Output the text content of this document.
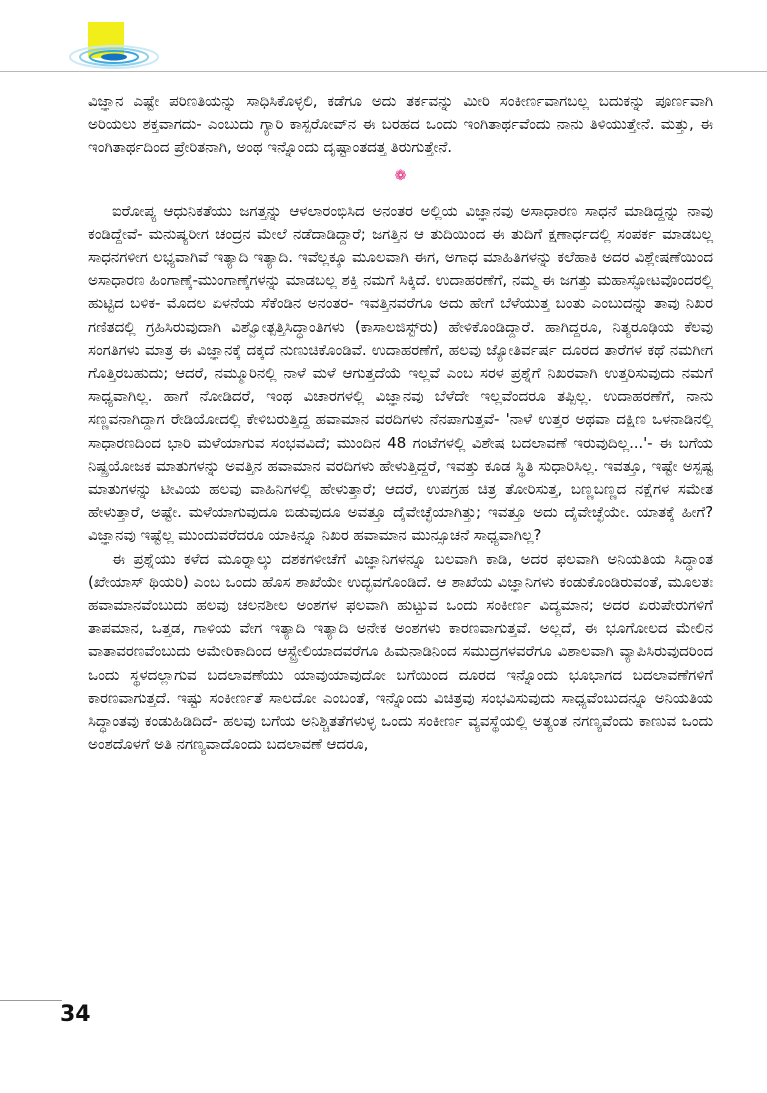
ವಿಜ್ಞಾನ ಎಷ್ಟೇ ಪರಿಣತಿಯನ್ನು ಸಾಧಿಸಿಕೊಳ್ಳಲಿ, ಕಡೆಗೂ ಅದು ತರ್ಕವನ್ನು ಮೀರಿ ಸಂಕೀರ್ಣವಾಗಬಲ್ಲ ಬದುಕನ್ನು ಪೂರ್ಣವಾಗಿ ಅರಿಯಲು ಶಕ್ತವಾಗದು- ಎಂಬುದು ಗ್ಯಾರಿ ಕಾಸ್ಪರೋವ್‌ನ ಈ ಬರಹದ ಒಂದು ಇಂಗಿತಾರ್ಥವೆಂದು ನಾನು ತಿಳಿಯುತ್ತೇನೆ. ಮತ್ತು, ಈ ಇಂಗಿತಾರ್ಥದಿಂದ ಪ್ರೇರಿತನಾಗಿ, ಅಂಥ ಇನ್ನೊಂದು ದೃಷ್ಟಾಂತದತ್ತ ತಿರುಗುತ್ತೇನೆ.

❁

ಐರೋಪ್ಯ ಆಧುನಿಕತೆಯು ಜಗತ್ತನ್ನು ಆಳಲಾರಂಭಿಸಿದ ಅನಂತರ ಅಲ್ಲಿಯ ವಿಜ್ಞಾನವು ಅಸಾಧಾರಣ ಸಾಧನೆ ಮಾಡಿದ್ದನ್ನು ನಾವು ಕಂಡಿದ್ದೇವೆ- ಮನುಷ್ಯರೀಗ ಚಂದ್ರನ ಮೇಲೆ ನಡೆದಾಡಿದ್ದಾರೆ; ಜಗತ್ತಿನ ಆ ತುದಿಯಿಂದ ಈ ತುದಿಗೆ ಕ್ಷಣಾರ್ಧದಲ್ಲಿ ಸಂಪರ್ಕ ಮಾಡಬಲ್ಲ ಸಾಧನಗಳೀಗ ಲಭ್ಯವಾಗಿವೆ ಇತ್ಯಾದಿ ಇತ್ಯಾದಿ. ಇವೆಲ್ಲಕ್ಕೂ ಮೂಲವಾಗಿ ಈಗ, ಅಗಾಧ ಮಾಹಿತಿಗಳನ್ನು ಕಲೆಹಾಕಿ ಅದರ ವಿಶ್ಲೇಷಣೆಯಿಂದ ಅಸಾಧಾರಣ ಹಿಂಗಾಣ್ಕೆ-ಮುಂಗಾಣ್ಕೆಗಳನ್ನು ಮಾಡಬಲ್ಲ ಶಕ್ತಿ ನಮಗೆ ಸಿಕ್ಕಿದೆ. ಉದಾಹರಣೆಗೆ, ನಮ್ಮ ಈ ಜಗತ್ತು ಮಹಾಸ್ಫೋಟವೊಂದರಲ್ಲಿ ಹುಟ್ಟಿದ ಬಳಿಕ- ಮೊದಲ ಏಳನೆಯ ಸೆಕೆಂಡಿನ ಅನಂತರ- ಇವತ್ತಿನವರೆಗೂ ಅದು ಹೇಗೆ ಬೆಳೆಯುತ್ತ ಬಂತು ಎಂಬುದನ್ನು ತಾವು ನಿಖರ ಗಣಿತದಲ್ಲಿ ಗ್ರಹಿಸಿರುವುದಾಗಿ ವಿಶ್ವೋತ್ಪತ್ತಿಸಿದ್ಧಾಂತಿಗಳು (ಕಾಸಾಲಜಿಸ್ಟ್‌ರು) ಹೇಳಿಕೊಂಡಿದ್ದಾರೆ. ಹಾಗಿದ್ದರೂ, ನಿತ್ಯರೂಢಿಯ ಕೆಲವು ಸಂಗತಿಗಳು ಮಾತ್ರ ಈ ವಿಜ್ಞಾನಕ್ಕೆ ದಕ್ಕದೆ ನುಣುಚಿಕೊಂಡಿವೆ. ಉದಾಹರಣೆಗೆ, ಹಲವು ಜ್ಯೋತಿರ್ವರ್ಷ ದೂರದ ತಾರೆಗಳ ಕಥೆ ನಮಗೀಗ ಗೊತ್ತಿರಬಹುದು; ಆದರೆ, ನಮ್ಮೂರಿನಲ್ಲಿ ನಾಳೆ ಮಳೆ ಆಗುತ್ತದೆಯೆ ಇಲ್ಲವೆ ಎಂಬ ಸರಳ ಪ್ರಶ್ನೆಗೆ ನಿಖರವಾಗಿ ಉತ್ತರಿಸುವುದು ನಮಗೆ ಸಾಧ್ಯವಾಗಿಲ್ಲ. ಹಾಗೆ ನೋಡಿದರೆ, ಇಂಥ ವಿಚಾರಗಳಲ್ಲಿ ವಿಜ್ಞಾನವು ಬೆಳೆದೇ ಇಲ್ಲವೆಂದರೂ ತಪ್ಪಿಲ್ಲ. ಉದಾಹರಣೆಗೆ, ನಾನು ಸಣ್ಣವನಾಗಿದ್ದಾಗ ರೇಡಿಯೋದಲ್ಲಿ ಕೇಳಿಬರುತ್ತಿದ್ದ ಹವಾಮಾನ ವರದಿಗಳು ನೆನಪಾಗುತ್ತವೆ- 'ನಾಳೆ ಉತ್ತರ ಅಥವಾ ದಕ್ಷಿಣ ಒಳನಾಡಿನಲ್ಲಿ ಸಾಧಾರಣದಿಂದ ಭಾರಿ ಮಳೆಯಾಗುವ ಸಂಭವವಿದೆ; ಮುಂದಿನ 48 ಗಂಟೆಗಳಲ್ಲಿ ವಿಶೇಷ ಬದಲಾವಣೆ ಇರುವುದಿಲ್ಲ...'- ಈ ಬಗೆಯ ನಿಷ್ಪ್ರಯೋಜಕ ಮಾತುಗಳನ್ನು ಅವತ್ತಿನ ಹವಾಮಾನ ವರದಿಗಳು ಹೇಳುತ್ತಿದ್ದರೆ, ಇವತ್ತು ಕೂಡ ಸ್ಥಿತಿ ಸುಧಾರಿಸಿಲ್ಲ. ಇವತ್ತೂ, ಇಷ್ಟೇ ಅಸ್ಪಷ್ಟ ಮಾತುಗಳನ್ನು ಟೀವಿಯ ಹಲವು ವಾಹಿನಿಗಳಲ್ಲಿ ಹೇಳುತ್ತಾರೆ; ಆದರೆ, ಉಪಗ್ರಹ ಚಿತ್ರ ತೋರಿಸುತ್ತ, ಬಣ್ಣಬಣ್ಣದ ನಕ್ಷೆಗಳ ಸಮೇತ ಹೇಳುತ್ತಾರೆ, ಅಷ್ಟೇ. ಮಳೆಯಾಗುವುದೂ ಬಿಡುವುದೂ ಅವತ್ತೂ ದೈವೇಚ್ಛೆಯಾಗಿತ್ತು; ಇವತ್ತೂ ಅದು ದೈವೇಚ್ಛೆಯೇ. ಯಾತಕ್ಕೆ ಹೀಗೆ? ವಿಜ್ಞಾನವು ಇಷ್ಟೆಲ್ಲ ಮುಂದುವರೆದರೂ ಯಾಕಿನ್ನೂ ನಿಖರ ಹವಾಮಾನ ಮುನ್ಸೂಚನೆ ಸಾಧ್ಯವಾಗಿಲ್ಲ?

ಈ ಪ್ರಶ್ನೆಯು ಕಳೆದ ಮೂರ್‍ನಾಲ್ಕು ದಶಕಗಳೀಚೆಗೆ ವಿಜ್ಞಾನಿಗಳನ್ನೂ ಬಲವಾಗಿ ಕಾಡಿ, ಅದರ ಫಲವಾಗಿ ಅನಿಯತಿಯ ಸಿದ್ಧಾಂತ (ಖೇಯಾಸ್ ಥಿಯರಿ) ಎಂಬ ಒಂದು ಹೊಸ ಶಾಖೆಯೇ ಉದ್ಭವಗೊಂಡಿದೆ. ಆ ಶಾಖೆಯ ವಿಜ್ಞಾನಿಗಳು ಕಂಡುಕೊಂಡಿರುವಂತೆ, ಮೂಲತಃ ಹವಾಮಾನವೆಂಬುದು ಹಲವು ಚಲನಶೀಲ ಅಂಶಗಳ ಫಲವಾಗಿ ಹುಟ್ಟುವ ಒಂದು ಸಂಕೀರ್ಣ ವಿದ್ಯಮಾನ; ಅದರ ಏರುಪೇರುಗಳಿಗೆ ತಾಪಮಾನ, ಒತ್ತಡ, ಗಾಳಿಯ ವೇಗ ಇತ್ಯಾದಿ ಇತ್ಯಾದಿ ಅನೇಕ ಅಂಶಗಳು ಕಾರಣವಾಗುತ್ತವೆ. ಅಲ್ಲದೆ, ಈ ಭೂಗೋಲದ ಮೇಲಿನ ವಾತಾವರಣವೆಂಬುದು ಅಮೇರಿಕಾದಿಂದ ಆಸ್ಟ್ರೇಲಿಯಾದವರೆಗೂ ಹಿಮನಾಡಿನಿಂದ ಸಮುದ್ರಗಳವರೆಗೂ ವಿಶಾಲವಾಗಿ ವ್ಯಾಪಿಸಿರುವುದರಿಂದ ಒಂದು ಸ್ಥಳದಲ್ಲಾಗುವ ಬದಲಾವಣೆಯು ಯಾವುಯಾವುದೋ ಬಗೆಯಿಂದ ದೂರದ ಇನ್ನೊಂದು ಭೂಭಾಗದ ಬದಲಾವಣೆಗಳಿಗೆ ಕಾರಣವಾಗುತ್ತದೆ. ಇಷ್ಟು ಸಂಕೀರ್ಣತೆ ಸಾಲದೋ ಎಂಬಂತೆ, ಇನ್ನೊಂದು ವಿಚಿತ್ರವು ಸಂಭವಿಸುವುದು ಸಾಧ್ಯವೆಂಬುದನ್ನೂ ಅನಿಯತಿಯ ಸಿದ್ಧಾಂತವು ಕಂಡುಹಿಡಿದಿದೆ- ಹಲವು ಬಗೆಯ ಅನಿಶ್ಚಿತತೆಗಳುಳ್ಳ ಒಂದು ಸಂಕೀರ್ಣ ವ್ಯವಸ್ಥೆಯಲ್ಲಿ ಅತ್ಯಂತ ನಗಣ್ಯವೆಂದು ಕಾಣುವ ಒಂದು ಅಂಶದೊಳಗೆ ಅತಿ ನಗಣ್ಯವಾದೊಂದು ಬದಲಾವಣೆ ಆದರೂ,

34
